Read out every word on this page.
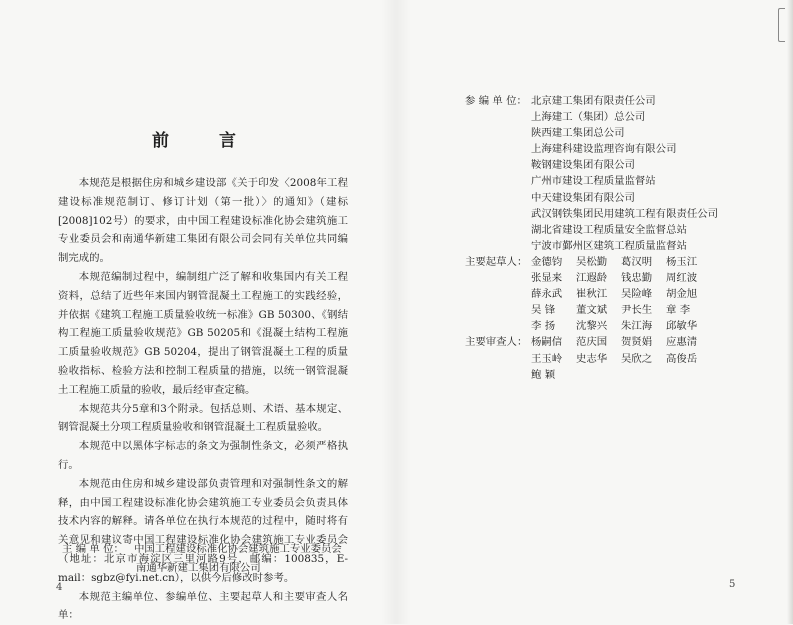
前 言

本规范是根据住房和城乡建设部《关于印发〈2008年工程建设标准规范制订、修订计划（第一批）〉的通知》（建标[2008]102号）的要求，由中国工程建设标准化协会建筑施工专业委员会和南通华新建工集团有限公司会同有关单位共同编制完成的。

本规范编制过程中，编制组广泛了解和收集国内有关工程资料，总结了近些年来国内钢管混凝土工程施工的实践经验，并依据《建筑工程施工质量验收统一标准》GB 50300、《钢结构工程施工质量验收规范》GB 50205和《混凝土结构工程施工质量验收规范》GB 50204，提出了钢管混凝土工程的质量验收指标、检验方法和控制工程质量的措施，以统一钢管混凝土工程施工质量的验收，最后经审查定稿。

本规范共分5章和3个附录。包括总则、术语、基本规定、钢管混凝土分项工程质量验收和钢管混凝土工程质量验收。

本规范中以黑体字标志的条文为强制性条文，必须严格执行。

本规范由住房和城乡建设部负责管理和对强制性条文的解释，由中国工程建设标准化协会建筑施工专业委员会负责具体技术内容的解释。请各单位在执行本规范的过程中，随时将有关意见和建议寄中国工程建设标准化协会建筑施工专业委员会（地址：北京市海淀区三里河路9号，邮编：100835，E-mail：sgbz@fyi.net.cn），以供今后修改时参考。

本规范主编单位、参编单位、主要起草人和主要审查人名单：

主 编 单 位： 中国工程建设标准化协会建筑施工专业委员会
南通华新建工集团有限公司
4
参 编 单 位： 北京建工集团有限责任公司
上海建工（集团）总公司
陕西建工集团总公司
上海建科建设监理咨询有限公司
鞍钢建设集团有限公司
广州市建设工程质量监督站
中天建设集团有限公司
武汉钢铁集团民用建筑工程有限责任公司
湖北省建设工程质量安全监督总站
宁波市鄞州区建筑工程质量监督站
主要起草人： 金德钧	吴松勤	葛汉明	杨玉江
张显来	江遐龄	钱忠勤	周红波
薛永武	崔秋江	吴险峰	胡金旭
吴 锋	董文斌	尹长生	章 李
李 扬	沈黎兴	朱江海	邱敏华
主要审查人： 杨嗣信	范庆国	贺贤娟	应惠清
王玉岭	史志华	吴欣之	高俊岳
鲍 颖
5
